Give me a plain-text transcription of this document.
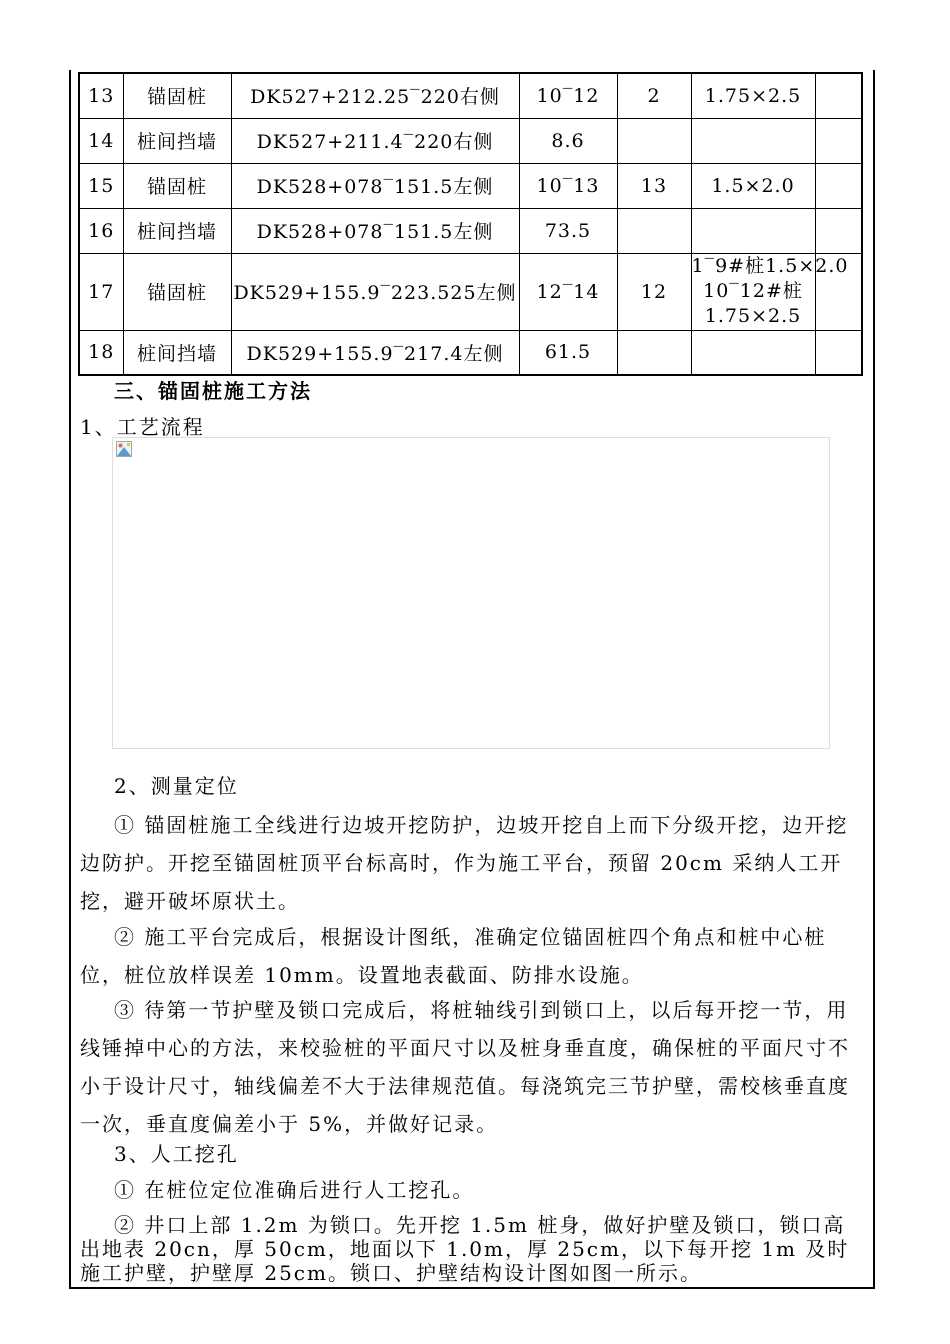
13	锚固桩	DK527+212.25‾220右侧	10‾12	2	1.75×2.5	
14	桩间挡墙	DK527+211.4‾220右侧	8.6			
15	锚固桩	DK528+078‾151.5左侧	10‾13	13	1.5×2.0	
16	桩间挡墙	DK528+078‾151.5左侧	73.5			
17	锚固桩	DK529+155.9‾223.525左侧	12‾14	12	1‾9#桩1.5×2.0
10‾12#桩
1.75×2.5	

18	桩间挡墙	DK529+155.9‾217.4左侧	61.5			
三、锚固桩施工方法
1、工艺流程
2、测量定位
① 锚固桩施工全线进行边坡开挖防护，边坡开挖自上而下分级开挖，边开挖边防护。开挖至锚固桩顶平台标高时，作为施工平台，预留 20cm 采纳人工开挖，避开破坏原状土。
② 施工平台完成后，根据设计图纸，准确定位锚固桩四个角点和桩中心桩位，桩位放样误差 10mm。设置地表截面、防排水设施。
③ 待第一节护壁及锁口完成后，将桩轴线引到锁口上，以后每开挖一节，用线锤掉中心的方法，来校验桩的平面尺寸以及桩身垂直度，确保桩的平面尺寸不小于设计尺寸，轴线偏差不大于法律规范值。每浇筑完三节护壁，需校核垂直度一次，垂直度偏差小于 5%，并做好记录。
3、人工挖孔
① 在桩位定位准确后进行人工挖孔。
② 井口上部 1.2m 为锁口。先开挖 1.5m 桩身，做好护壁及锁口，锁口高出地表 20cn，厚 50cm，地面以下 1.0m，厚 25cm，以下每开挖 1m 及时施工护壁，护壁厚 25cm。锁口、护壁结构设计图如图一所示。
